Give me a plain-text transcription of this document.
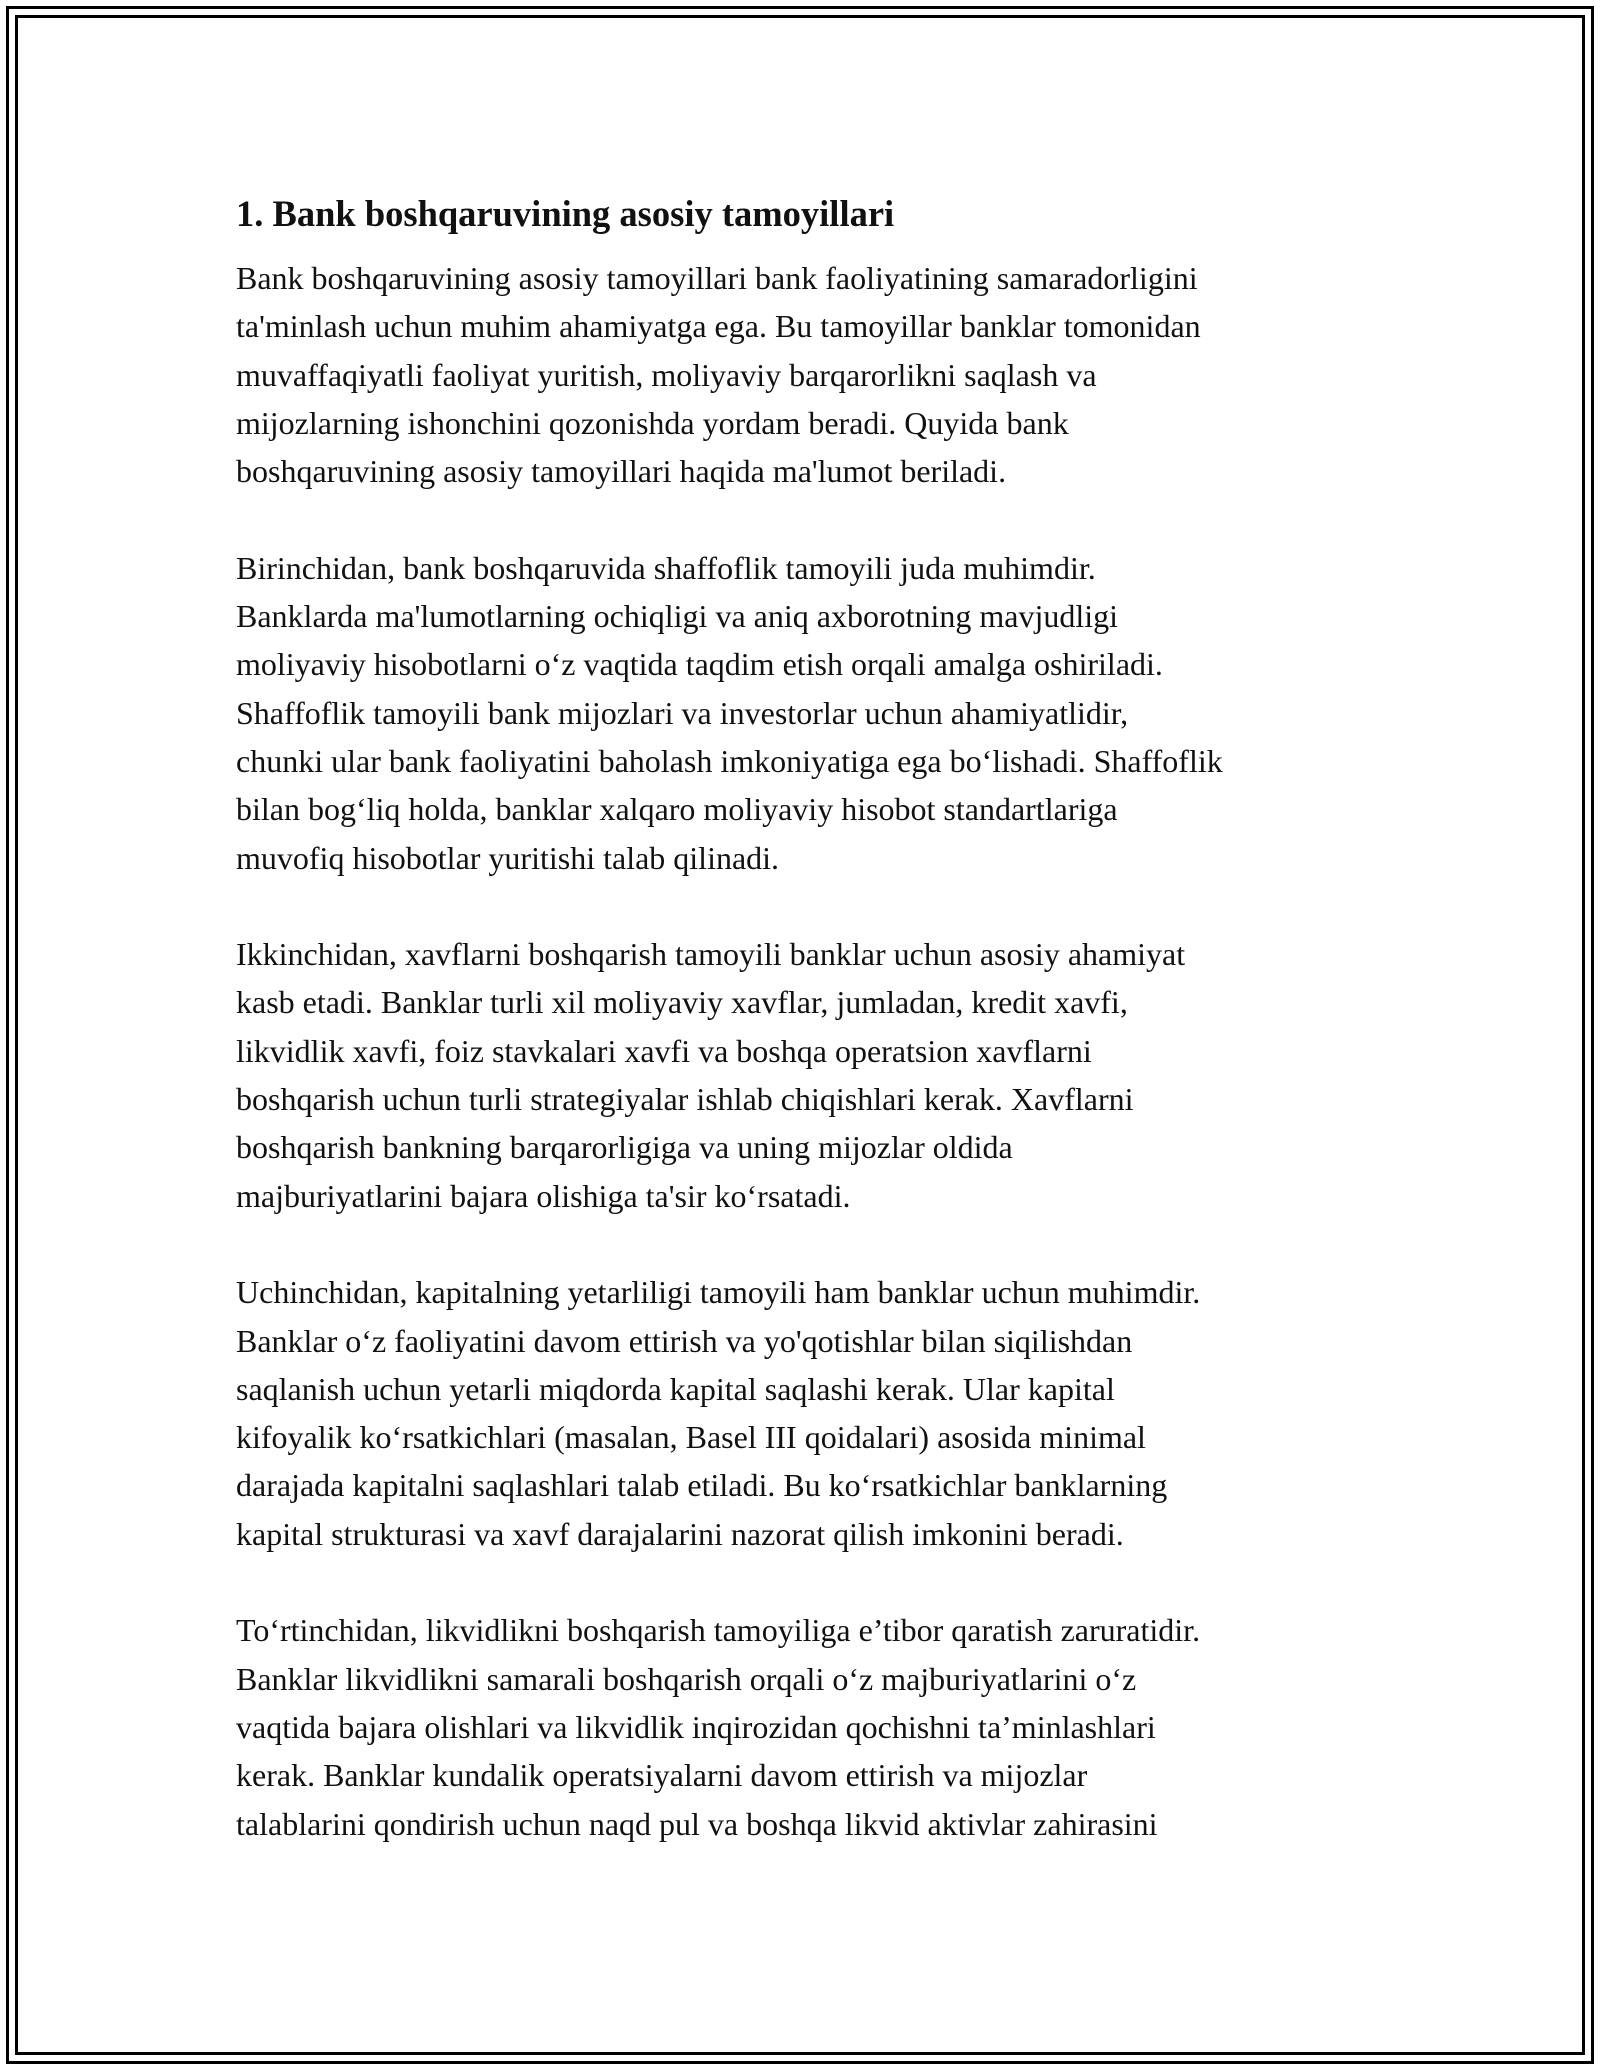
1. Bank boshqaruvining asosiy tamoyillari
Bank boshqaruvining asosiy tamoyillari bank faoliyatining samaradorligini
ta'minlash uchun muhim ahamiyatga ega. Bu tamoyillar banklar tomonidan
muvaffaqiyatli faoliyat yuritish, moliyaviy barqarorlikni saqlash va
mijozlarning ishonchini qozonishda yordam beradi. Quyida bank
boshqaruvining asosiy tamoyillari haqida ma'lumot beriladi.
Birinchidan, bank boshqaruvida shaffoflik tamoyili juda muhimdir.
Banklarda ma'lumotlarning ochiqligi va aniq axborotning mavjudligi
moliyaviy hisobotlarni o‘z vaqtida taqdim etish orqali amalga oshiriladi.
Shaffoflik tamoyili bank mijozlari va investorlar uchun ahamiyatlidir,
chunki ular bank faoliyatini baholash imkoniyatiga ega bo‘lishadi. Shaffoflik
bilan bog‘liq holda, banklar xalqaro moliyaviy hisobot standartlariga
muvofiq hisobotlar yuritishi talab qilinadi.
Ikkinchidan, xavflarni boshqarish tamoyili banklar uchun asosiy ahamiyat
kasb etadi. Banklar turli xil moliyaviy xavflar, jumladan, kredit xavfi,
likvidlik xavfi, foiz stavkalari xavfi va boshqa operatsion xavflarni
boshqarish uchun turli strategiyalar ishlab chiqishlari kerak. Xavflarni
boshqarish bankning barqarorligiga va uning mijozlar oldida
majburiyatlarini bajara olishiga ta'sir ko‘rsatadi.
Uchinchidan, kapitalning yetarliligi tamoyili ham banklar uchun muhimdir.
Banklar o‘z faoliyatini davom ettirish va yo'qotishlar bilan siqilishdan
saqlanish uchun yetarli miqdorda kapital saqlashi kerak. Ular kapital
kifoyalik ko‘rsatkichlari (masalan, Basel III qoidalari) asosida minimal
darajada kapitalni saqlashlari talab etiladi. Bu ko‘rsatkichlar banklarning
kapital strukturasi va xavf darajalarini nazorat qilish imkonini beradi.
To‘rtinchidan, likvidlikni boshqarish tamoyiliga e’tibor qaratish zaruratidir.
Banklar likvidlikni samarali boshqarish orqali o‘z majburiyatlarini o‘z
vaqtida bajara olishlari va likvidlik inqirozidan qochishni ta’minlashlari
kerak. Banklar kundalik operatsiyalarni davom ettirish va mijozlar
talablarini qondirish uchun naqd pul va boshqa likvid aktivlar zahirasini
